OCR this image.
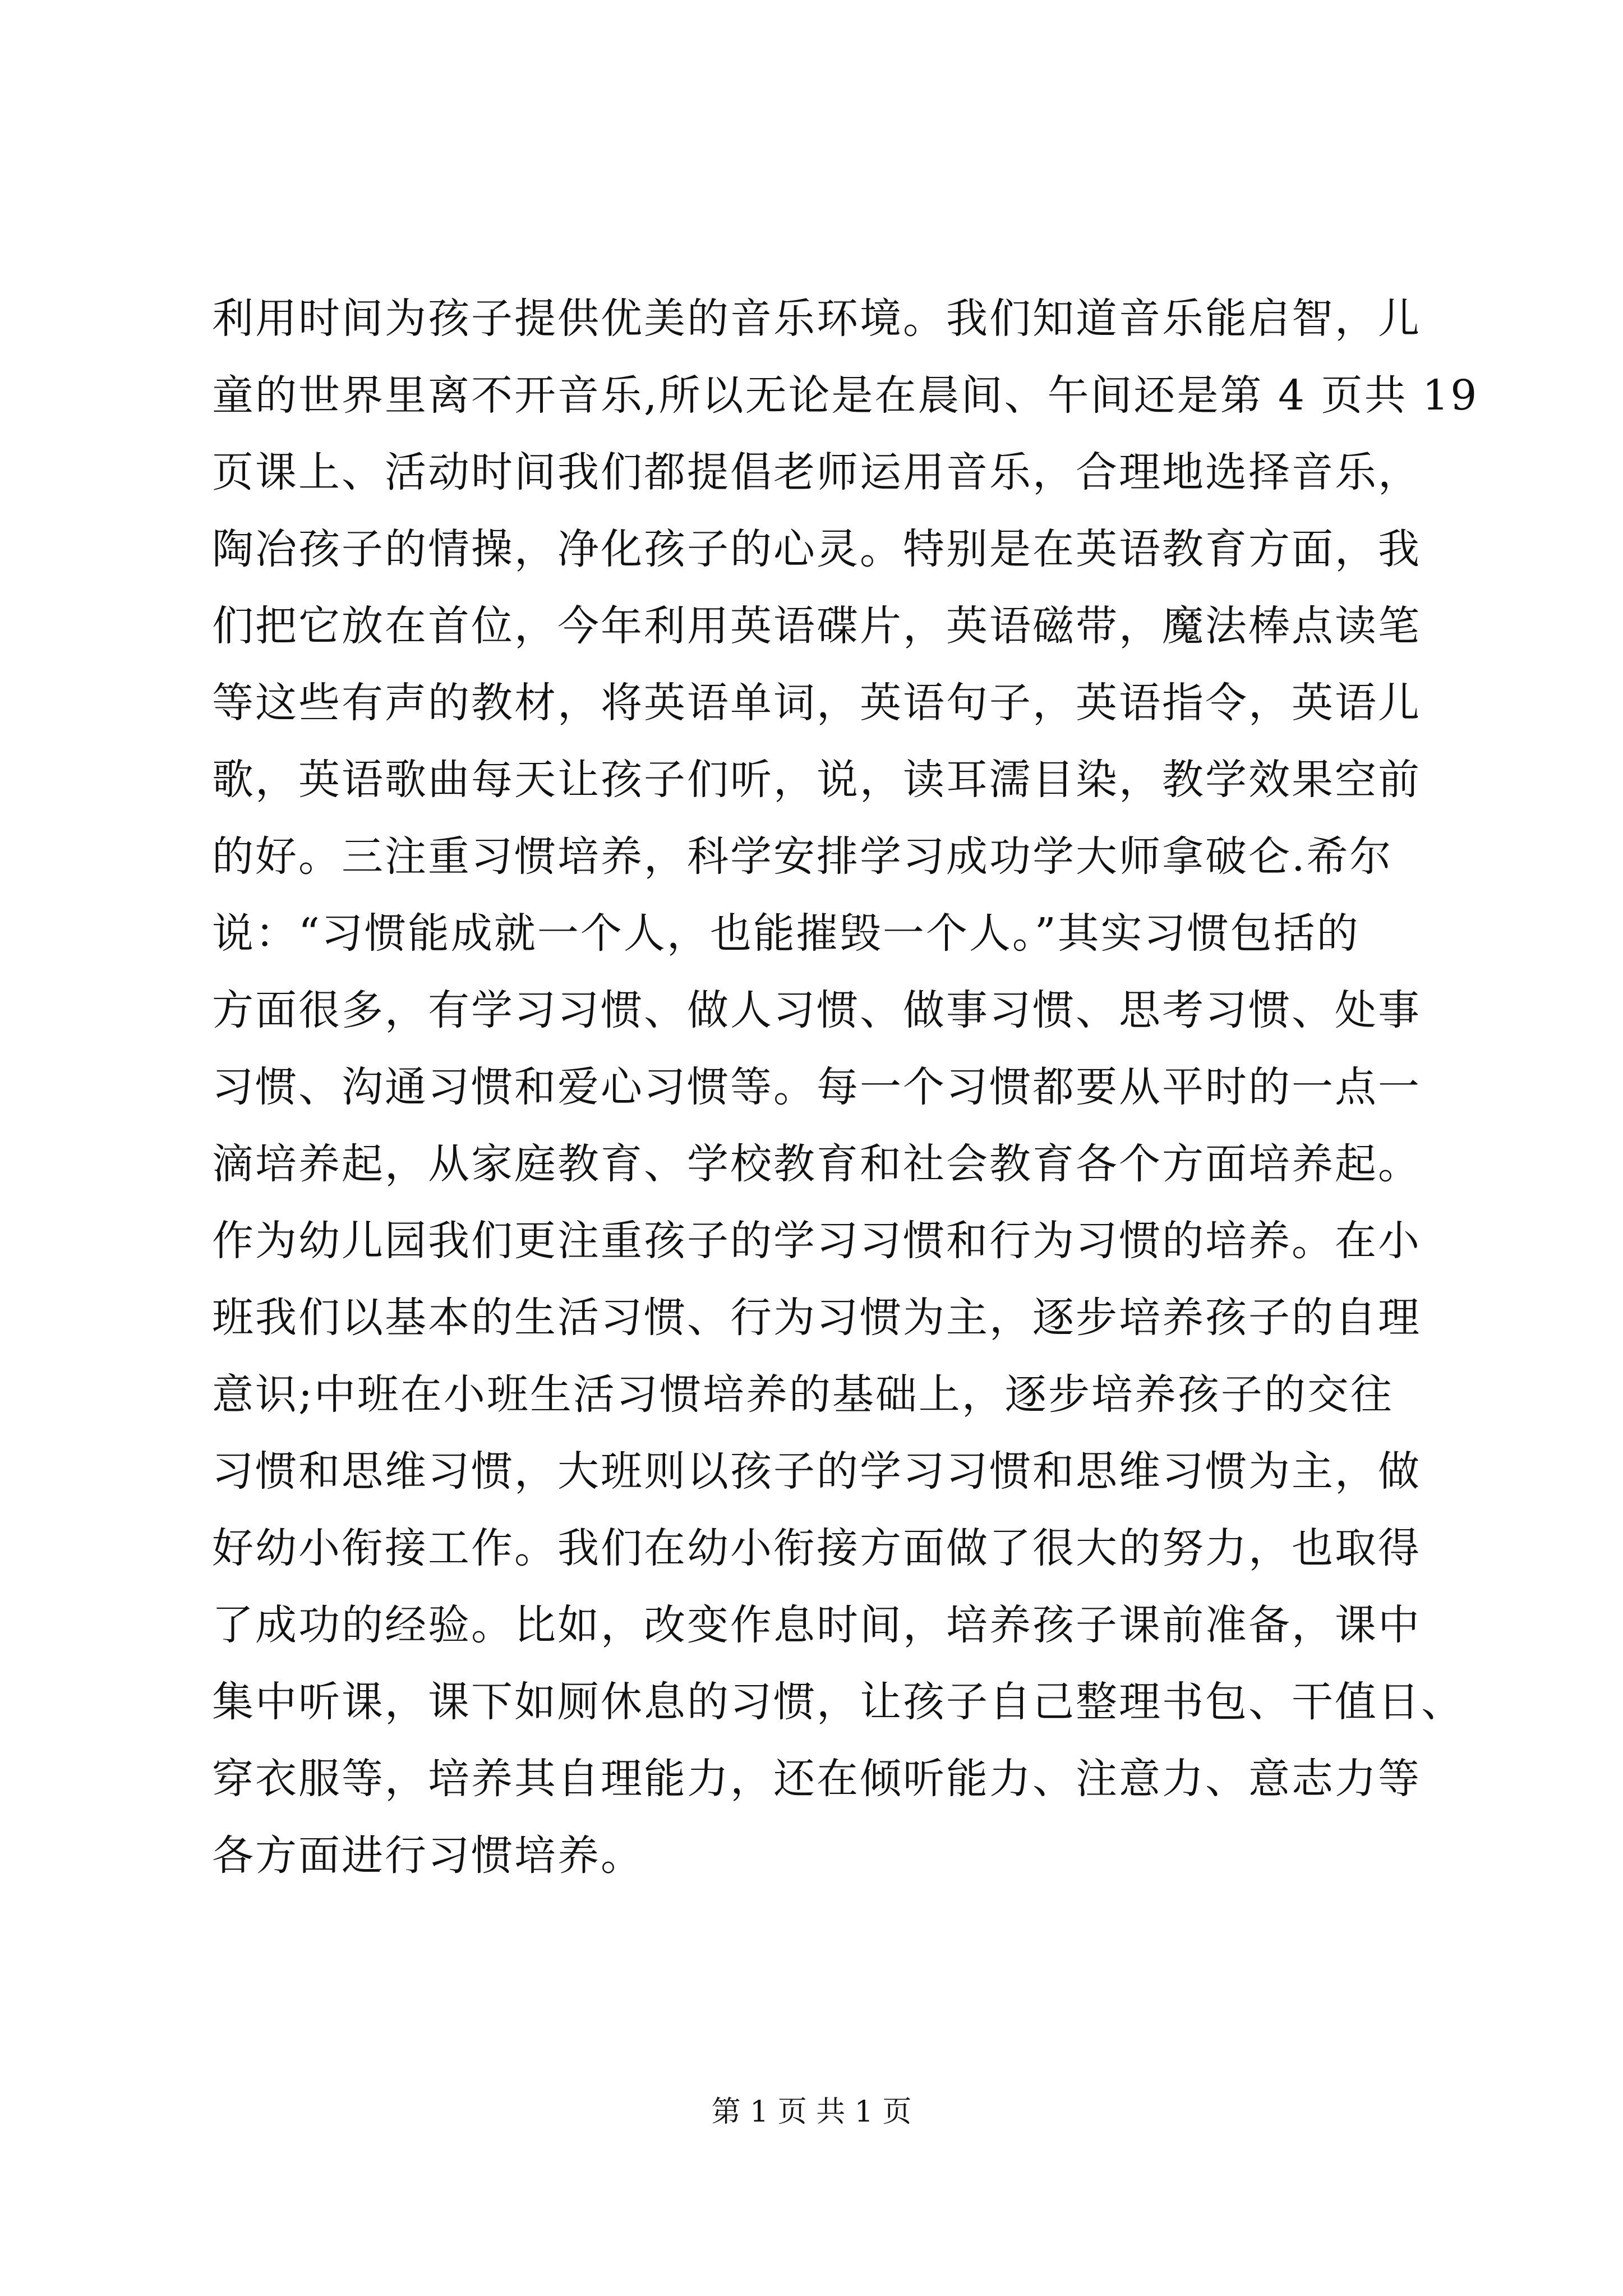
利用时间为孩子提供优美的音乐环境。我们知道音乐能启智，儿
童的世界里离不开音乐,所以无论是在晨间、午间还是第 4 页共 19
页课上、活动时间我们都提倡老师运用音乐，合理地选择音乐，
陶冶孩子的情操，净化孩子的心灵。特别是在英语教育方面，我
们把它放在首位，今年利用英语碟片，英语磁带，魔法棒点读笔
等这些有声的教材，将英语单词，英语句子，英语指令，英语儿
歌，英语歌曲每天让孩子们听，说，读耳濡目染，教学效果空前
的好。三注重习惯培养，科学安排学习成功学大师拿破仑.希尔
说：“习惯能成就一个人，也能摧毁一个人。”其实习惯包括的
方面很多，有学习习惯、做人习惯、做事习惯、思考习惯、处事
习惯、沟通习惯和爱心习惯等。每一个习惯都要从平时的一点一
滴培养起，从家庭教育、学校教育和社会教育各个方面培养起。
作为幼儿园我们更注重孩子的学习习惯和行为习惯的培养。在小
班我们以基本的生活习惯、行为习惯为主，逐步培养孩子的自理
意识;中班在小班生活习惯培养的基础上，逐步培养孩子的交往
习惯和思维习惯，大班则以孩子的学习习惯和思维习惯为主，做
好幼小衔接工作。我们在幼小衔接方面做了很大的努力，也取得
了成功的经验。比如，改变作息时间，培养孩子课前准备，课中
集中听课，课下如厕休息的习惯，让孩子自己整理书包、干值日、
穿衣服等，培养其自理能力，还在倾听能力、注意力、意志力等
各方面进行习惯培养。
第 1 页 共 1 页
